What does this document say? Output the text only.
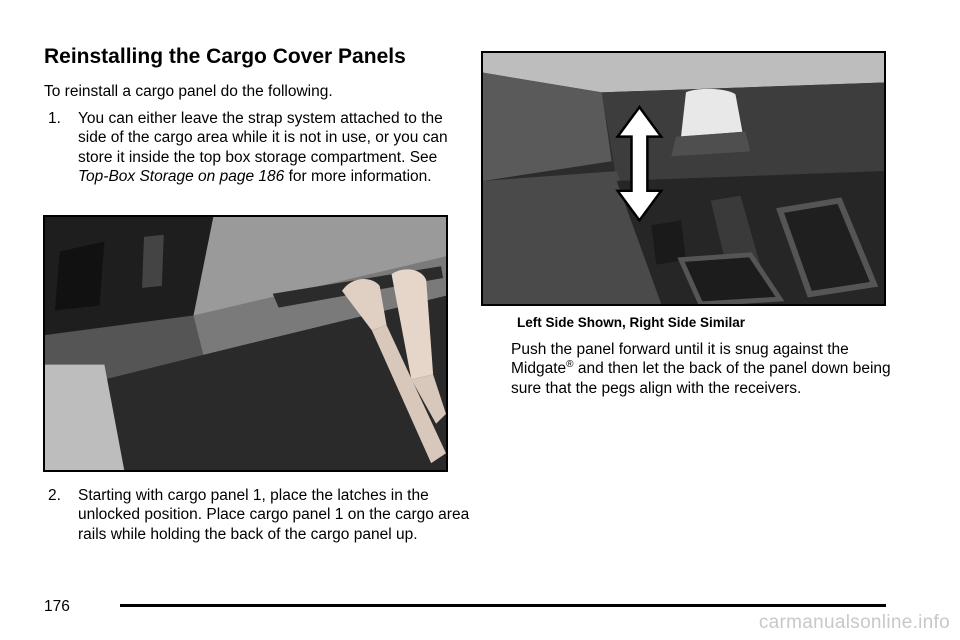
Reinstalling the Cargo Cover Panels

To reinstall a cargo panel do the following.

1. You can either leave the strap system attached to the side of the cargo area while it is not in use, or you can store it inside the top box storage compartment. See Top-Box Storage on page 186 for more information.
2. Starting with cargo panel 1, place the latches in the unlocked position. Place cargo panel 1 on the cargo area rails while holding the back of the cargo panel up.
Left Side Shown, Right Side Similar

Push the panel forward until it is snug against the Midgate® and then let the back of the panel down being sure that the pegs align with the receivers.

176
carmanualsonline.info
